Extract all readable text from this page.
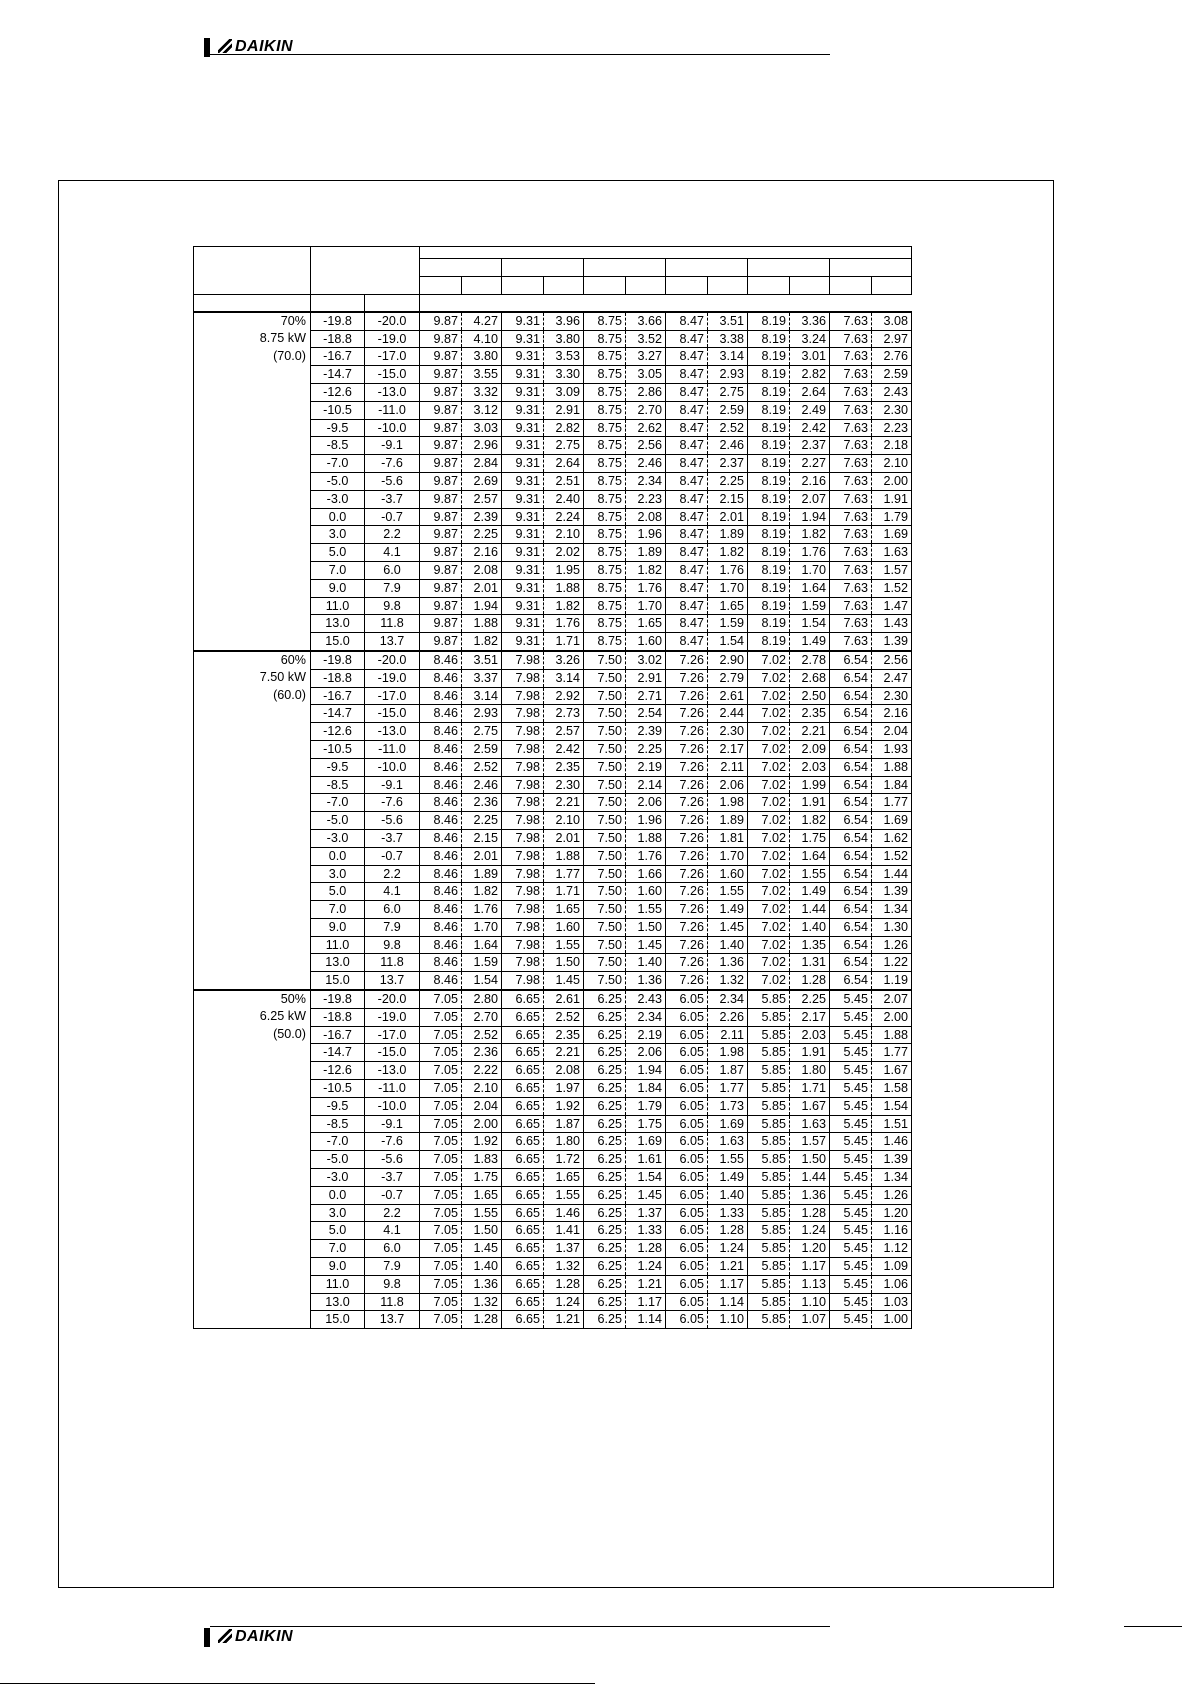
DAIKIN

70%	-19.8	-20.0	9.87	4.27	9.31	3.96	8.75	3.66	8.47	3.51	8.19	3.36	7.63	3.08
8.75 kW	-18.8	-19.0	9.87	4.10	9.31	3.80	8.75	3.52	8.47	3.38	8.19	3.24	7.63	2.97
(70.0)	-16.7	-17.0	9.87	3.80	9.31	3.53	8.75	3.27	8.47	3.14	8.19	3.01	7.63	2.76
	-14.7	-15.0	9.87	3.55	9.31	3.30	8.75	3.05	8.47	2.93	8.19	2.82	7.63	2.59
	-12.6	-13.0	9.87	3.32	9.31	3.09	8.75	2.86	8.47	2.75	8.19	2.64	7.63	2.43
	-10.5	-11.0	9.87	3.12	9.31	2.91	8.75	2.70	8.47	2.59	8.19	2.49	7.63	2.30
	-9.5	-10.0	9.87	3.03	9.31	2.82	8.75	2.62	8.47	2.52	8.19	2.42	7.63	2.23
	-8.5	-9.1	9.87	2.96	9.31	2.75	8.75	2.56	8.47	2.46	8.19	2.37	7.63	2.18
	-7.0	-7.6	9.87	2.84	9.31	2.64	8.75	2.46	8.47	2.37	8.19	2.27	7.63	2.10
	-5.0	-5.6	9.87	2.69	9.31	2.51	8.75	2.34	8.47	2.25	8.19	2.16	7.63	2.00
	-3.0	-3.7	9.87	2.57	9.31	2.40	8.75	2.23	8.47	2.15	8.19	2.07	7.63	1.91
	0.0	-0.7	9.87	2.39	9.31	2.24	8.75	2.08	8.47	2.01	8.19	1.94	7.63	1.79
	3.0	2.2	9.87	2.25	9.31	2.10	8.75	1.96	8.47	1.89	8.19	1.82	7.63	1.69
	5.0	4.1	9.87	2.16	9.31	2.02	8.75	1.89	8.47	1.82	8.19	1.76	7.63	1.63
	7.0	6.0	9.87	2.08	9.31	1.95	8.75	1.82	8.47	1.76	8.19	1.70	7.63	1.57
	9.0	7.9	9.87	2.01	9.31	1.88	8.75	1.76	8.47	1.70	8.19	1.64	7.63	1.52
	11.0	9.8	9.87	1.94	9.31	1.82	8.75	1.70	8.47	1.65	8.19	1.59	7.63	1.47
	13.0	11.8	9.87	1.88	9.31	1.76	8.75	1.65	8.47	1.59	8.19	1.54	7.63	1.43
	15.0	13.7	9.87	1.82	9.31	1.71	8.75	1.60	8.47	1.54	8.19	1.49	7.63	1.39
60%	-19.8	-20.0	8.46	3.51	7.98	3.26	7.50	3.02	7.26	2.90	7.02	2.78	6.54	2.56
7.50 kW	-18.8	-19.0	8.46	3.37	7.98	3.14	7.50	2.91	7.26	2.79	7.02	2.68	6.54	2.47
(60.0)	-16.7	-17.0	8.46	3.14	7.98	2.92	7.50	2.71	7.26	2.61	7.02	2.50	6.54	2.30
	-14.7	-15.0	8.46	2.93	7.98	2.73	7.50	2.54	7.26	2.44	7.02	2.35	6.54	2.16
	-12.6	-13.0	8.46	2.75	7.98	2.57	7.50	2.39	7.26	2.30	7.02	2.21	6.54	2.04
	-10.5	-11.0	8.46	2.59	7.98	2.42	7.50	2.25	7.26	2.17	7.02	2.09	6.54	1.93
	-9.5	-10.0	8.46	2.52	7.98	2.35	7.50	2.19	7.26	2.11	7.02	2.03	6.54	1.88
	-8.5	-9.1	8.46	2.46	7.98	2.30	7.50	2.14	7.26	2.06	7.02	1.99	6.54	1.84
	-7.0	-7.6	8.46	2.36	7.98	2.21	7.50	2.06	7.26	1.98	7.02	1.91	6.54	1.77
	-5.0	-5.6	8.46	2.25	7.98	2.10	7.50	1.96	7.26	1.89	7.02	1.82	6.54	1.69
	-3.0	-3.7	8.46	2.15	7.98	2.01	7.50	1.88	7.26	1.81	7.02	1.75	6.54	1.62
	0.0	-0.7	8.46	2.01	7.98	1.88	7.50	1.76	7.26	1.70	7.02	1.64	6.54	1.52
	3.0	2.2	8.46	1.89	7.98	1.77	7.50	1.66	7.26	1.60	7.02	1.55	6.54	1.44
	5.0	4.1	8.46	1.82	7.98	1.71	7.50	1.60	7.26	1.55	7.02	1.49	6.54	1.39
	7.0	6.0	8.46	1.76	7.98	1.65	7.50	1.55	7.26	1.49	7.02	1.44	6.54	1.34
	9.0	7.9	8.46	1.70	7.98	1.60	7.50	1.50	7.26	1.45	7.02	1.40	6.54	1.30
	11.0	9.8	8.46	1.64	7.98	1.55	7.50	1.45	7.26	1.40	7.02	1.35	6.54	1.26
	13.0	11.8	8.46	1.59	7.98	1.50	7.50	1.40	7.26	1.36	7.02	1.31	6.54	1.22
	15.0	13.7	8.46	1.54	7.98	1.45	7.50	1.36	7.26	1.32	7.02	1.28	6.54	1.19
50%	-19.8	-20.0	7.05	2.80	6.65	2.61	6.25	2.43	6.05	2.34	5.85	2.25	5.45	2.07
6.25 kW	-18.8	-19.0	7.05	2.70	6.65	2.52	6.25	2.34	6.05	2.26	5.85	2.17	5.45	2.00
(50.0)	-16.7	-17.0	7.05	2.52	6.65	2.35	6.25	2.19	6.05	2.11	5.85	2.03	5.45	1.88
	-14.7	-15.0	7.05	2.36	6.65	2.21	6.25	2.06	6.05	1.98	5.85	1.91	5.45	1.77
	-12.6	-13.0	7.05	2.22	6.65	2.08	6.25	1.94	6.05	1.87	5.85	1.80	5.45	1.67
	-10.5	-11.0	7.05	2.10	6.65	1.97	6.25	1.84	6.05	1.77	5.85	1.71	5.45	1.58
	-9.5	-10.0	7.05	2.04	6.65	1.92	6.25	1.79	6.05	1.73	5.85	1.67	5.45	1.54
	-8.5	-9.1	7.05	2.00	6.65	1.87	6.25	1.75	6.05	1.69	5.85	1.63	5.45	1.51
	-7.0	-7.6	7.05	1.92	6.65	1.80	6.25	1.69	6.05	1.63	5.85	1.57	5.45	1.46
	-5.0	-5.6	7.05	1.83	6.65	1.72	6.25	1.61	6.05	1.55	5.85	1.50	5.45	1.39
	-3.0	-3.7	7.05	1.75	6.65	1.65	6.25	1.54	6.05	1.49	5.85	1.44	5.45	1.34
	0.0	-0.7	7.05	1.65	6.65	1.55	6.25	1.45	6.05	1.40	5.85	1.36	5.45	1.26
	3.0	2.2	7.05	1.55	6.65	1.46	6.25	1.37	6.05	1.33	5.85	1.28	5.45	1.20
	5.0	4.1	7.05	1.50	6.65	1.41	6.25	1.33	6.05	1.28	5.85	1.24	5.45	1.16
	7.0	6.0	7.05	1.45	6.65	1.37	6.25	1.28	6.05	1.24	5.85	1.20	5.45	1.12
	9.0	7.9	7.05	1.40	6.65	1.32	6.25	1.24	6.05	1.21	5.85	1.17	5.45	1.09
	11.0	9.8	7.05	1.36	6.65	1.28	6.25	1.21	6.05	1.17	5.85	1.13	5.45	1.06
	13.0	11.8	7.05	1.32	6.65	1.24	6.25	1.17	6.05	1.14	5.85	1.10	5.45	1.03
	15.0	13.7	7.05	1.28	6.65	1.21	6.25	1.14	6.05	1.10	5.85	1.07	5.45	1.00
DAIKIN
